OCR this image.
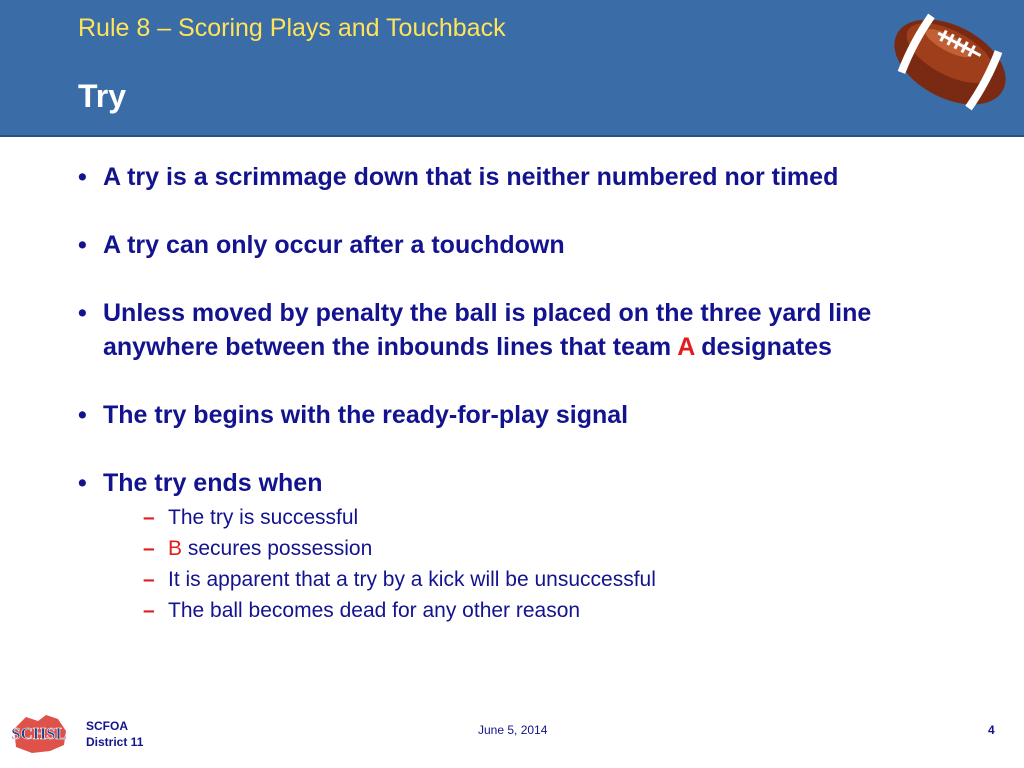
Rule 8 – Scoring Plays and Touchback
Try
• A try is a scrimmage down that is neither numbered nor timed
• A try can only occur after a touchdown
• Unless moved by penalty the ball is placed on the three yard line anywhere between the inbounds lines that team A designates
• The try begins with the ready-for-play signal
• The try ends when
– The try is successful
– B secures possession
– It is apparent that a try by a kick will be unsuccessful
– The ball becomes dead for any other reason
SCHSL SCFOA
District 11
June 5, 2014	4
